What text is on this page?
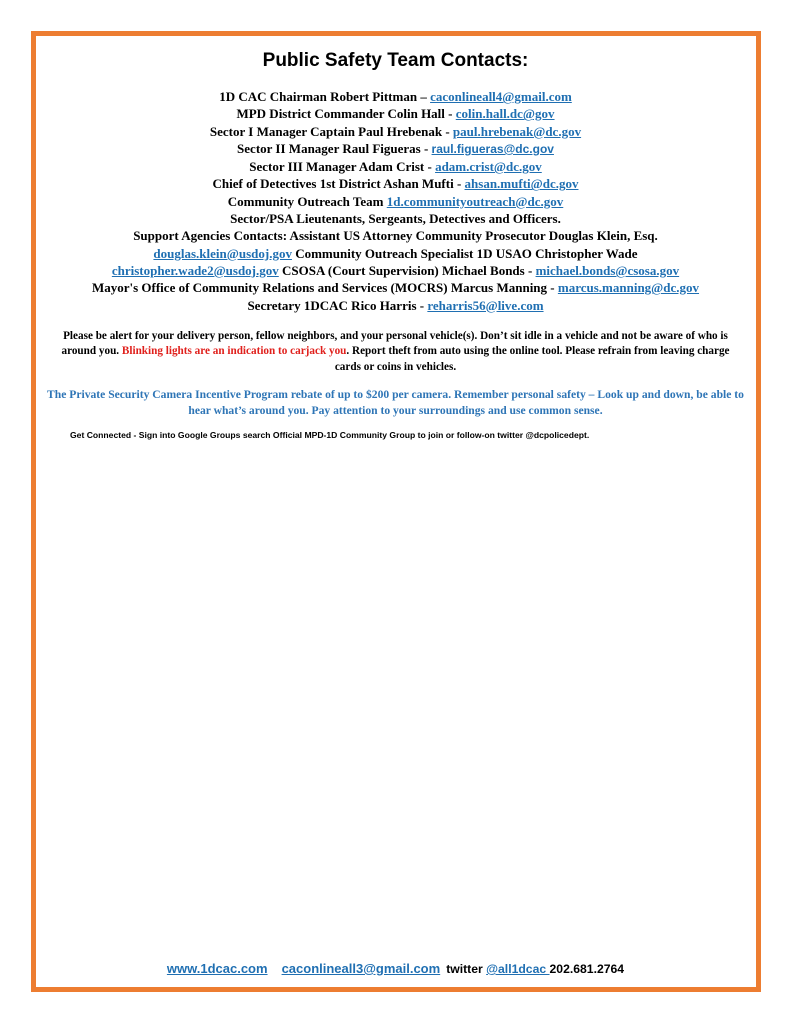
Public Safety Team Contacts:
1D CAC Chairman Robert Pittman – caconlineall4@gmail.com
MPD District Commander Colin Hall - colin.hall.dc@gov
Sector I Manager Captain Paul Hrebenak - paul.hrebenak@dc.gov
Sector II Manager Raul Figueras - raul.figueras@dc.gov
Sector III Manager Adam Crist - adam.crist@dc.gov
Chief of Detectives 1st District Ashan Mufti - ahsan.mufti@dc.gov
Community Outreach Team 1d.communityoutreach@dc.gov
Sector/PSA Lieutenants, Sergeants, Detectives and Officers.
Support Agencies Contacts: Assistant US Attorney Community Prosecutor Douglas Klein, Esq.
douglas.klein@usdoj.gov Community Outreach Specialist 1D USAO Christopher Wade
christopher.wade2@usdoj.gov CSOSA (Court Supervision) Michael Bonds - michael.bonds@csosa.gov
Mayor's Office of Community Relations and Services (MOCRS) Marcus Manning - marcus.manning@dc.gov
Secretary 1DCAC Rico Harris - reharris56@live.com
Please be alert for your delivery person, fellow neighbors, and your personal vehicle(s). Don’t sit idle in a vehicle and not be aware of who is around you. Blinking lights are an indication to carjack you. Report theft from auto using the online tool. Please refrain from leaving charge cards or coins in vehicles.
The Private Security Camera Incentive Program rebate of up to $200 per camera. Remember personal safety – Look up and down, be able to hear what’s around you. Pay attention to your surroundings and use common sense.
Get Connected - Sign into Google Groups search Official MPD-1D Community Group to join or follow-on twitter @dcpolicedept.
www.1dcac.com caconlineall3@gmail.com twitter @all1dcac 202.681.2764
